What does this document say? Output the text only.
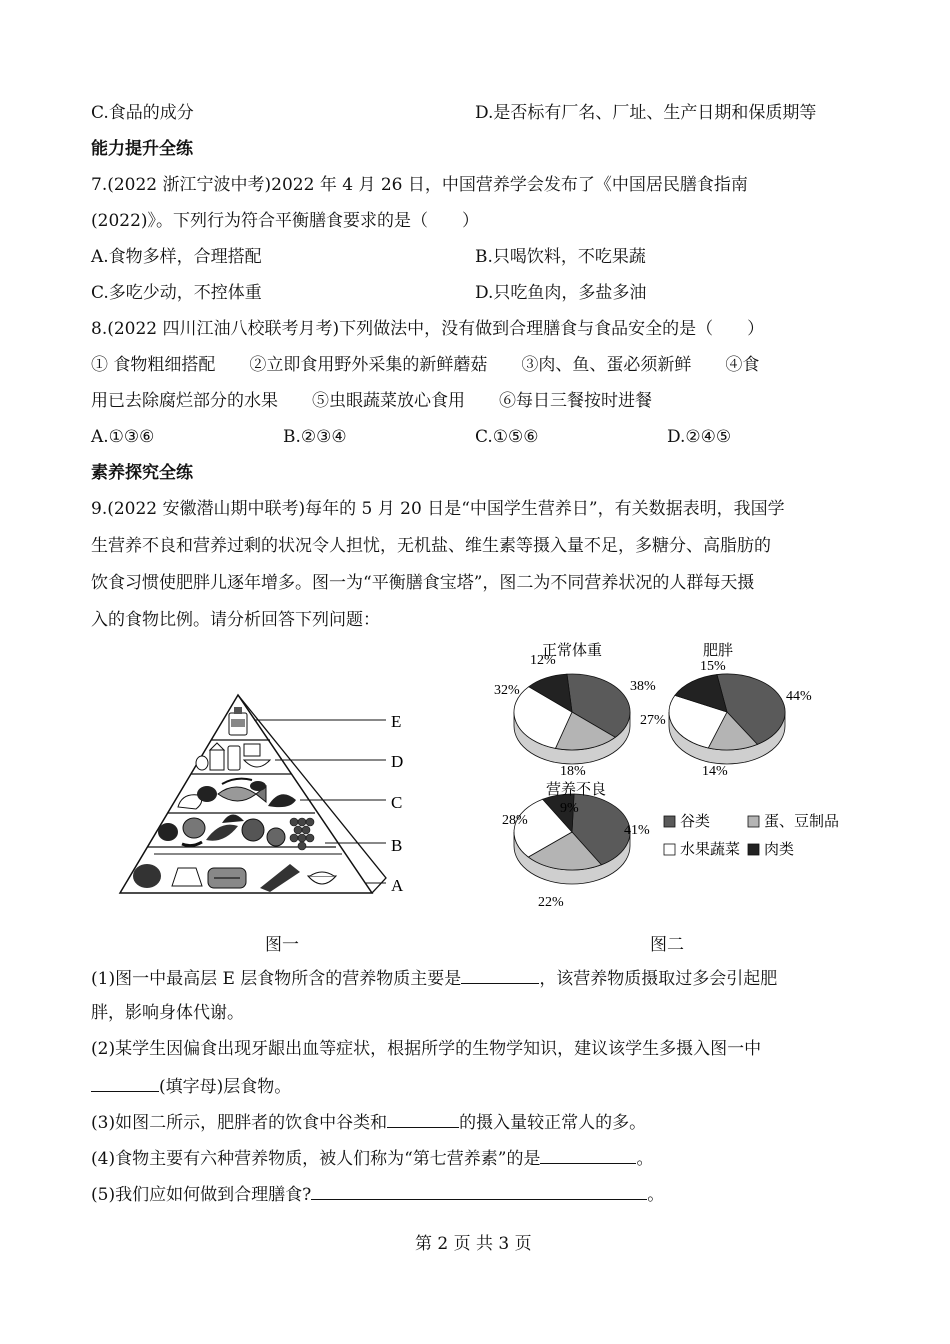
C.食品的成分	D.是否标有厂名、厂址、生产日期和保质期等
能力提升全练
7.(2022 浙江宁波中考)2022 年 4 月 26 日，中国营养学会发布了《中国居民膳食指南
(2022)》。下列行为符合平衡膳食要求的是（　　）
A.食物多样，合理搭配	B.只喝饮料，不吃果蔬
C.多吃少动，不控体重	D.只吃鱼肉，多盐多油
8.(2022 四川江油八校联考月考)下列做法中，没有做到合理膳食与食品安全的是（　　）
① 食物粗细搭配　　②立即食用野外采集的新鲜蘑菇　　③肉、鱼、蛋必须新鲜　　④食
用已去除腐烂部分的水果　　⑤虫眼蔬菜放心食用　　⑥每日三餐按时进餐
A.①③⑥	B.②③④	C.①⑤⑥	D.②④⑤
素养探究全练
9.(2022 安徽潜山期中联考)每年的 5 月 20 日是“中国学生营养日”，有关数据表明，我国学
生营养不良和营养过剩的状况令人担忧，无机盐、维生素等摄入量不足，多糖分、高脂肪的
饮食习惯使肥胖儿逐年增多。图一为“平衡膳食宝塔”，图二为不同营养状况的人群每天摄
入的食物比例。请分析回答下列问题：
E
D
C
B
A
正常体重
38%
18%
32%
12%
肥胖
44%
14%
27%
15%
营养不良
41%
22%
28%
9%
谷类	蛋、豆制品
水果蔬菜 肉类
图一	图二
(1)图一中最高层 E 层食物所含的营养物质主要是	，该营养物质摄取过多会引起肥
胖，影响身体代谢。
(2)某学生因偏食出现牙龈出血等症状，根据所学的生物学知识，建议该学生多摄入图一中
(填字母)层食物。
(3)如图二所示，肥胖者的饮食中谷类和	的摄入量较正常人的多。
(4)食物主要有六种营养物质，被人们称为“第七营养素”的是	。
(5)我们应如何做到合理膳食?	。
第 2 页 共 3 页
